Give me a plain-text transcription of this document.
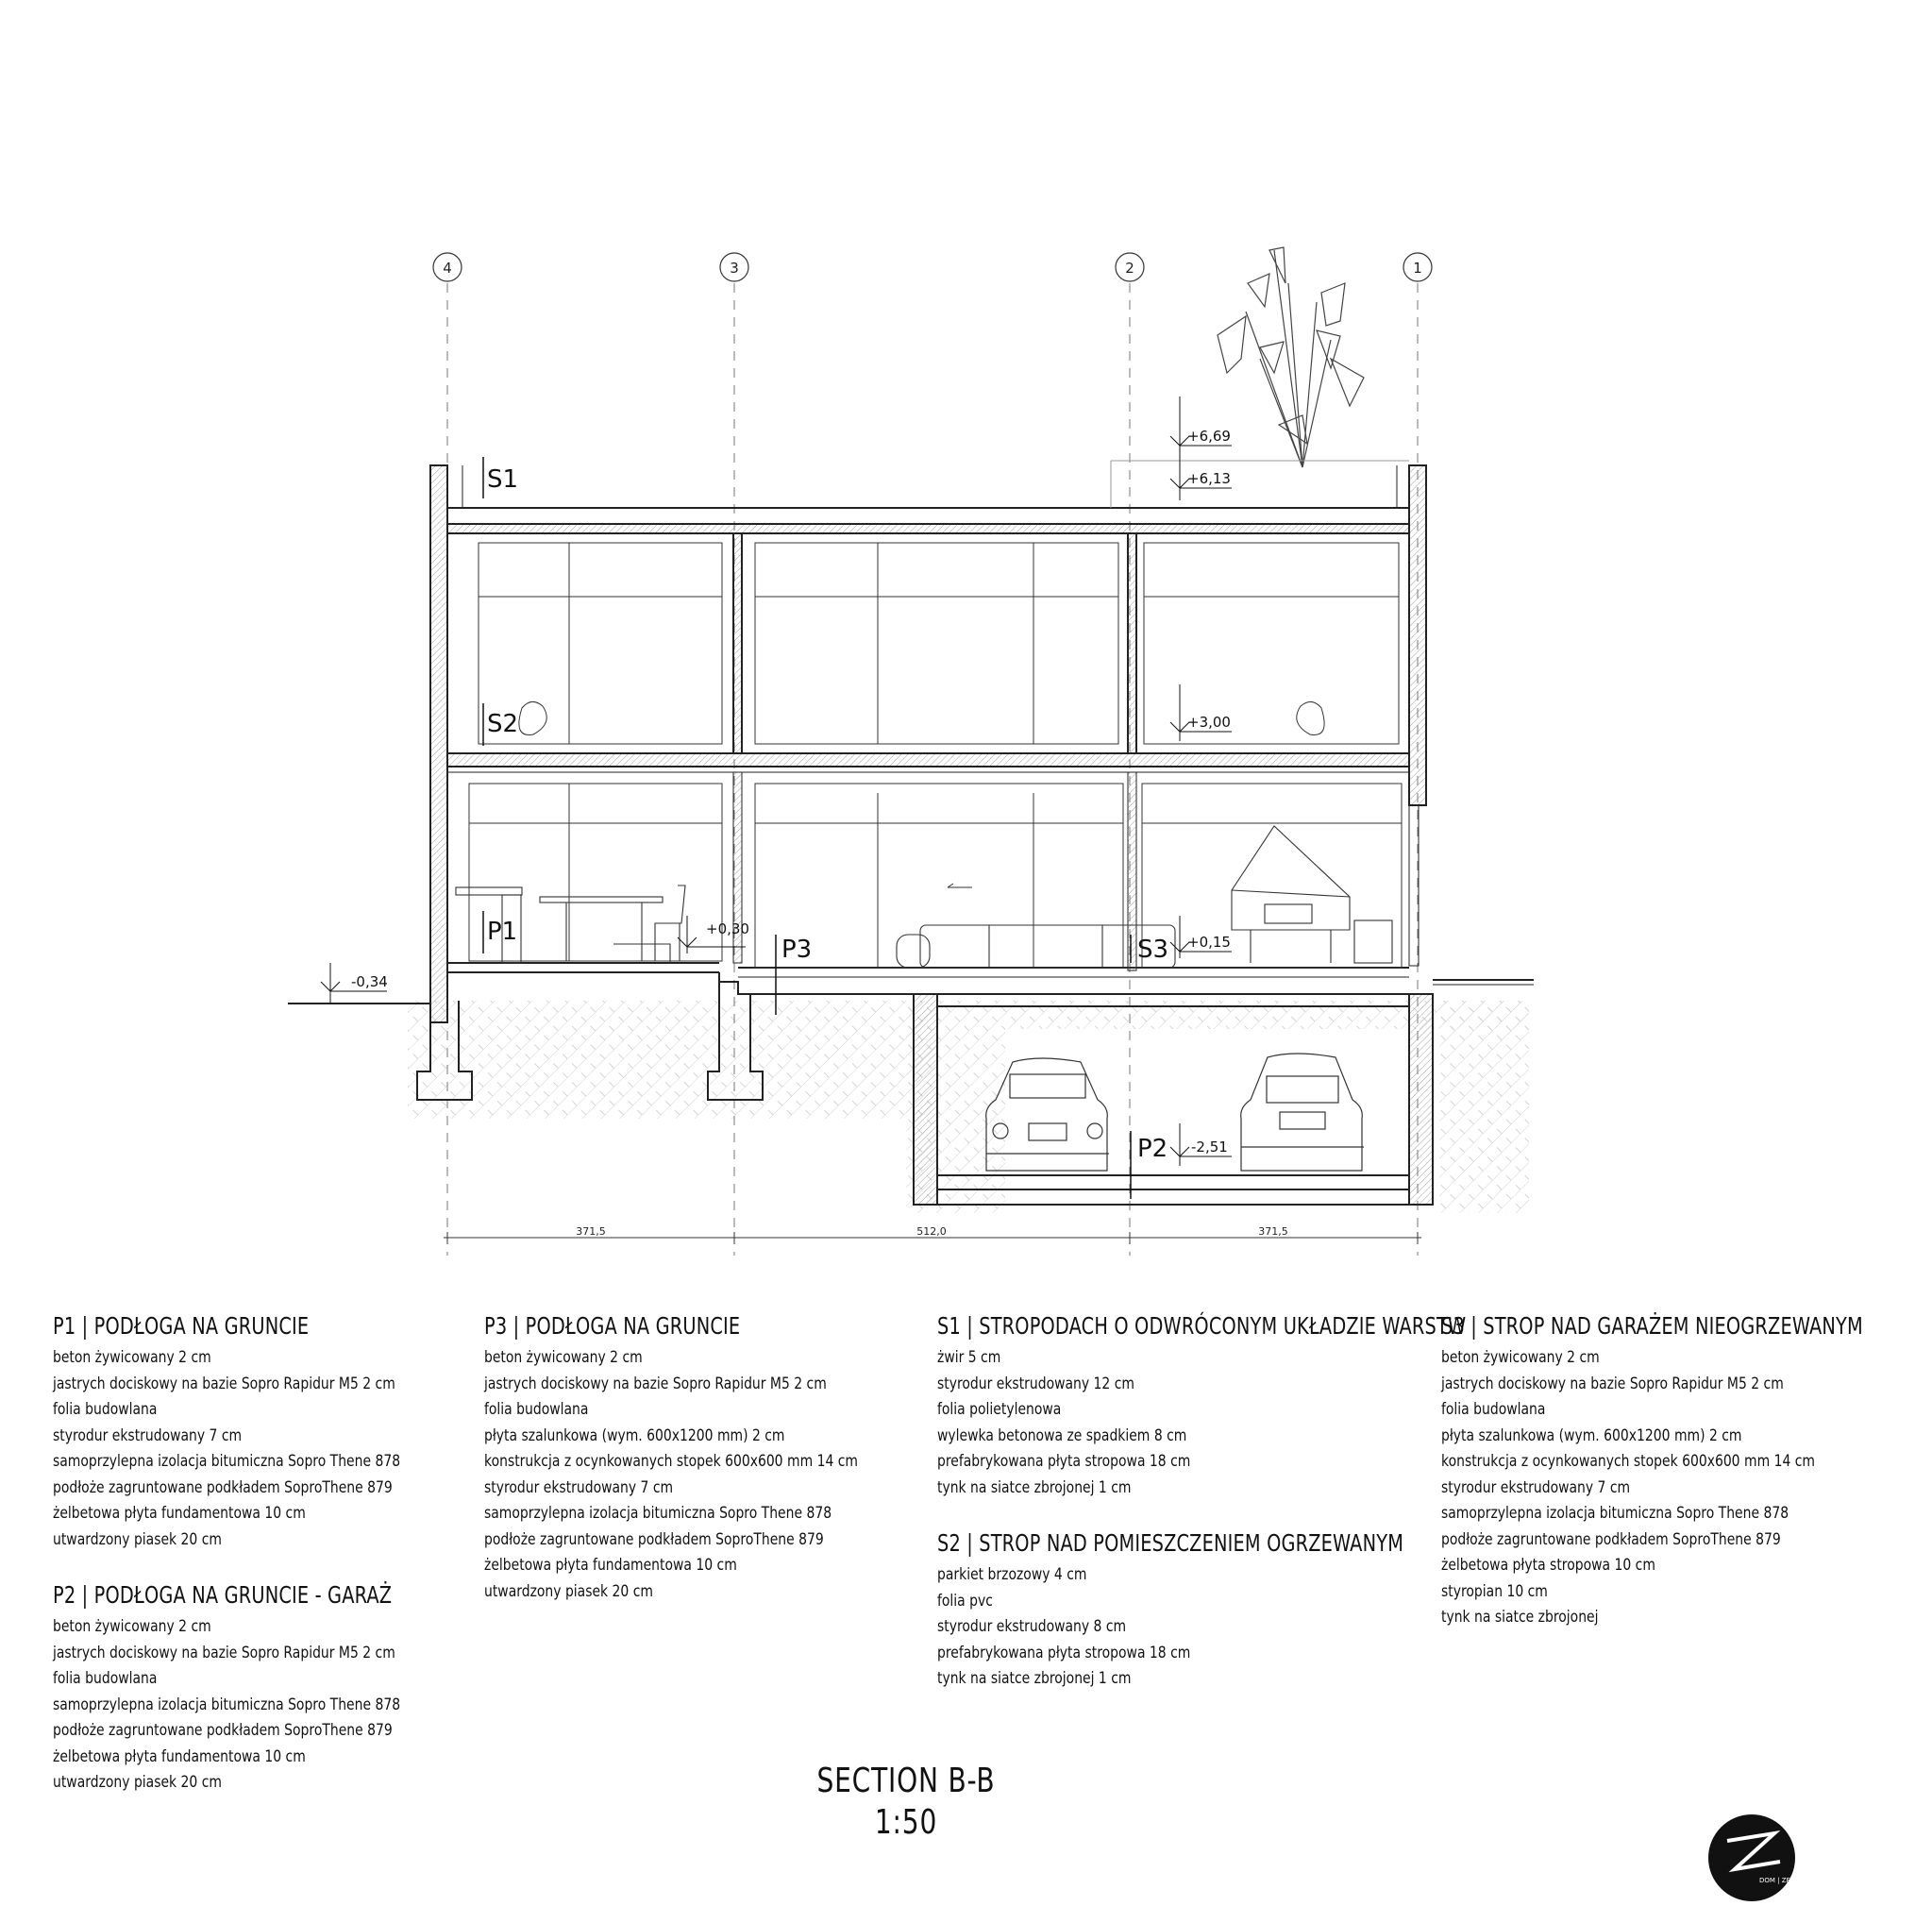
4	3	2	1
S1
S2
P1
P3	S3
P2
+6,69
+6,13
+3,00
+0,30
+0,15
-0,34
-2,51
371,5	512,0	371,5
P1 | PODŁOGA NA GRUNCIE
beton żywicowany 2 cm
jastrych dociskowy na bazie Sopro Rapidur M5 2 cm
folia budowlana
styrodur ekstrudowany 7 cm
samoprzylepna izolacja bitumiczna Sopro Thene 878
podłoże zagruntowane podkładem SoproThene 879
żelbetowa płyta fundamentowa 10 cm
utwardzony piasek 20 cm
P2 | PODŁOGA NA GRUNCIE - GARAŻ
beton żywicowany 2 cm
jastrych dociskowy na bazie Sopro Rapidur M5 2 cm
folia budowlana
samoprzylepna izolacja bitumiczna Sopro Thene 878
podłoże zagruntowane podkładem SoproThene 879
żelbetowa płyta fundamentowa 10 cm
utwardzony piasek 20 cm
P3 | PODŁOGA NA GRUNCIE
beton żywicowany 2 cm
jastrych dociskowy na bazie Sopro Rapidur M5 2 cm
folia budowlana
płyta szalunkowa (wym. 600x1200 mm) 2 cm
konstrukcja z ocynkowanych stopek 600x600 mm 14 cm
styrodur ekstrudowany 7 cm
samoprzylepna izolacja bitumiczna Sopro Thene 878
podłoże zagruntowane podkładem SoproThene 879
żelbetowa płyta fundamentowa 10 cm
utwardzony piasek 20 cm
S1 | STROPODACH O ODWRÓCONYM UKŁADZIE WARSTW
żwir 5 cm
styrodur ekstrudowany 12 cm
folia polietylenowa
wylewka betonowa ze spadkiem 8 cm
prefabrykowana płyta stropowa 18 cm
tynk na siatce zbrojonej 1 cm
S2 | STROP NAD POMIESZCZENIEM OGRZEWANYM
parkiet brzozowy 4 cm
folia pvc
styrodur ekstrudowany 8 cm
prefabrykowana płyta stropowa 18 cm
tynk na siatce zbrojonej 1 cm
S3 | STROP NAD GARAŻEM NIEOGRZEWANYM
beton żywicowany 2 cm
jastrych dociskowy na bazie Sopro Rapidur M5 2 cm
folia budowlana
płyta szalunkowa (wym. 600x1200 mm) 2 cm
konstrukcja z ocynkowanych stopek 600x600 mm 14 cm
styrodur ekstrudowany 7 cm
samoprzylepna izolacja bitumiczna Sopro Thene 878
podłoże zagruntowane podkładem SoproThene 879
żelbetowa płyta stropowa 10 cm
styropian 10 cm
tynk na siatce zbrojonej
SECTION B-B
1:50
DOM | ZEN
